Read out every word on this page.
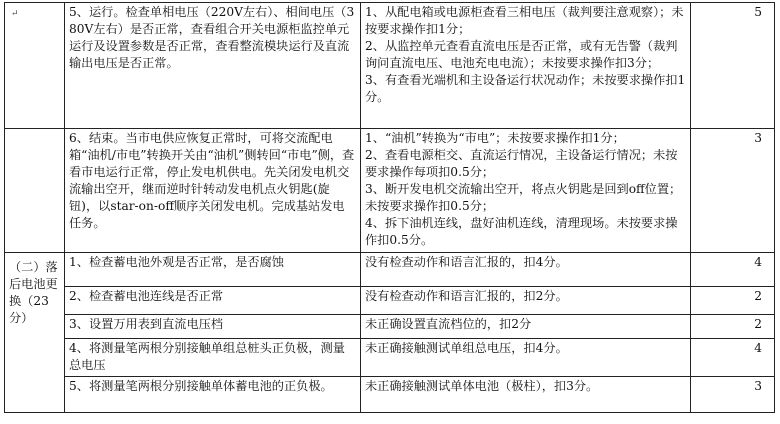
↵	5、运行。检查单相电压（220V左右）、相间电压（380V左右）是否正常，查看组合开关电源柜监控单元运行及设置参数是否正常，查看整流模块运行及直流输出电压是否正常。	1、从配电箱或电源柜查看三相电压（裁判要注意观察）；未按要求操作扣1分；
2、从监控单元查看直流电压是否正常，或有无告警（裁判询问直流电压、电池充电电流）；未按要求操作扣3分；
3、有查看光端机和主设备运行状况动作；未按要求操作扣1分。	5
	6、结束。当市电供应恢复正常时，可将交流配电箱“油机/市电”转换开关由“油机”侧转回“市电”侧，查看市电运行正常，停止发电机供电。先关闭发电机交流输出空开，继而逆时针转动发电机点火钥匙(旋钮)，以star-on-off顺序关闭发电机。完成基站发电任务。	1、“油机”转换为“市电”；未按要求操作扣1分；
2、查看电源柜交、直流运行情况，主设备运行情况；未按要求操作每项扣0.5分；
3、断开发电机交流输出空开，将点火钥匙是回到off位置；未按要求操作扣0.5分；
4、拆下油机连线，盘好油机连线，清理现场。未按要求操作扣0.5分。	3
（二）落后电池更换（23分）	1、检查蓄电池外观是否正常，是否腐蚀	没有检查动作和语言汇报的，扣4分。	4
	2、检查蓄电池连线是否正常	没有检查动作和语言汇报的，扣2分。	2
	3、设置万用表到直流电压档	未正确设置直流档位的，扣2分	2
	4、将测量笔两根分别接触单组总桩头正负极，测量总电压	未正确接触测试单组总电压，扣4分。	4
	5、将测量笔两根分别接触单体蓄电池的正负极。	未正确接触测试单体电池（极柱），扣3分。	3
